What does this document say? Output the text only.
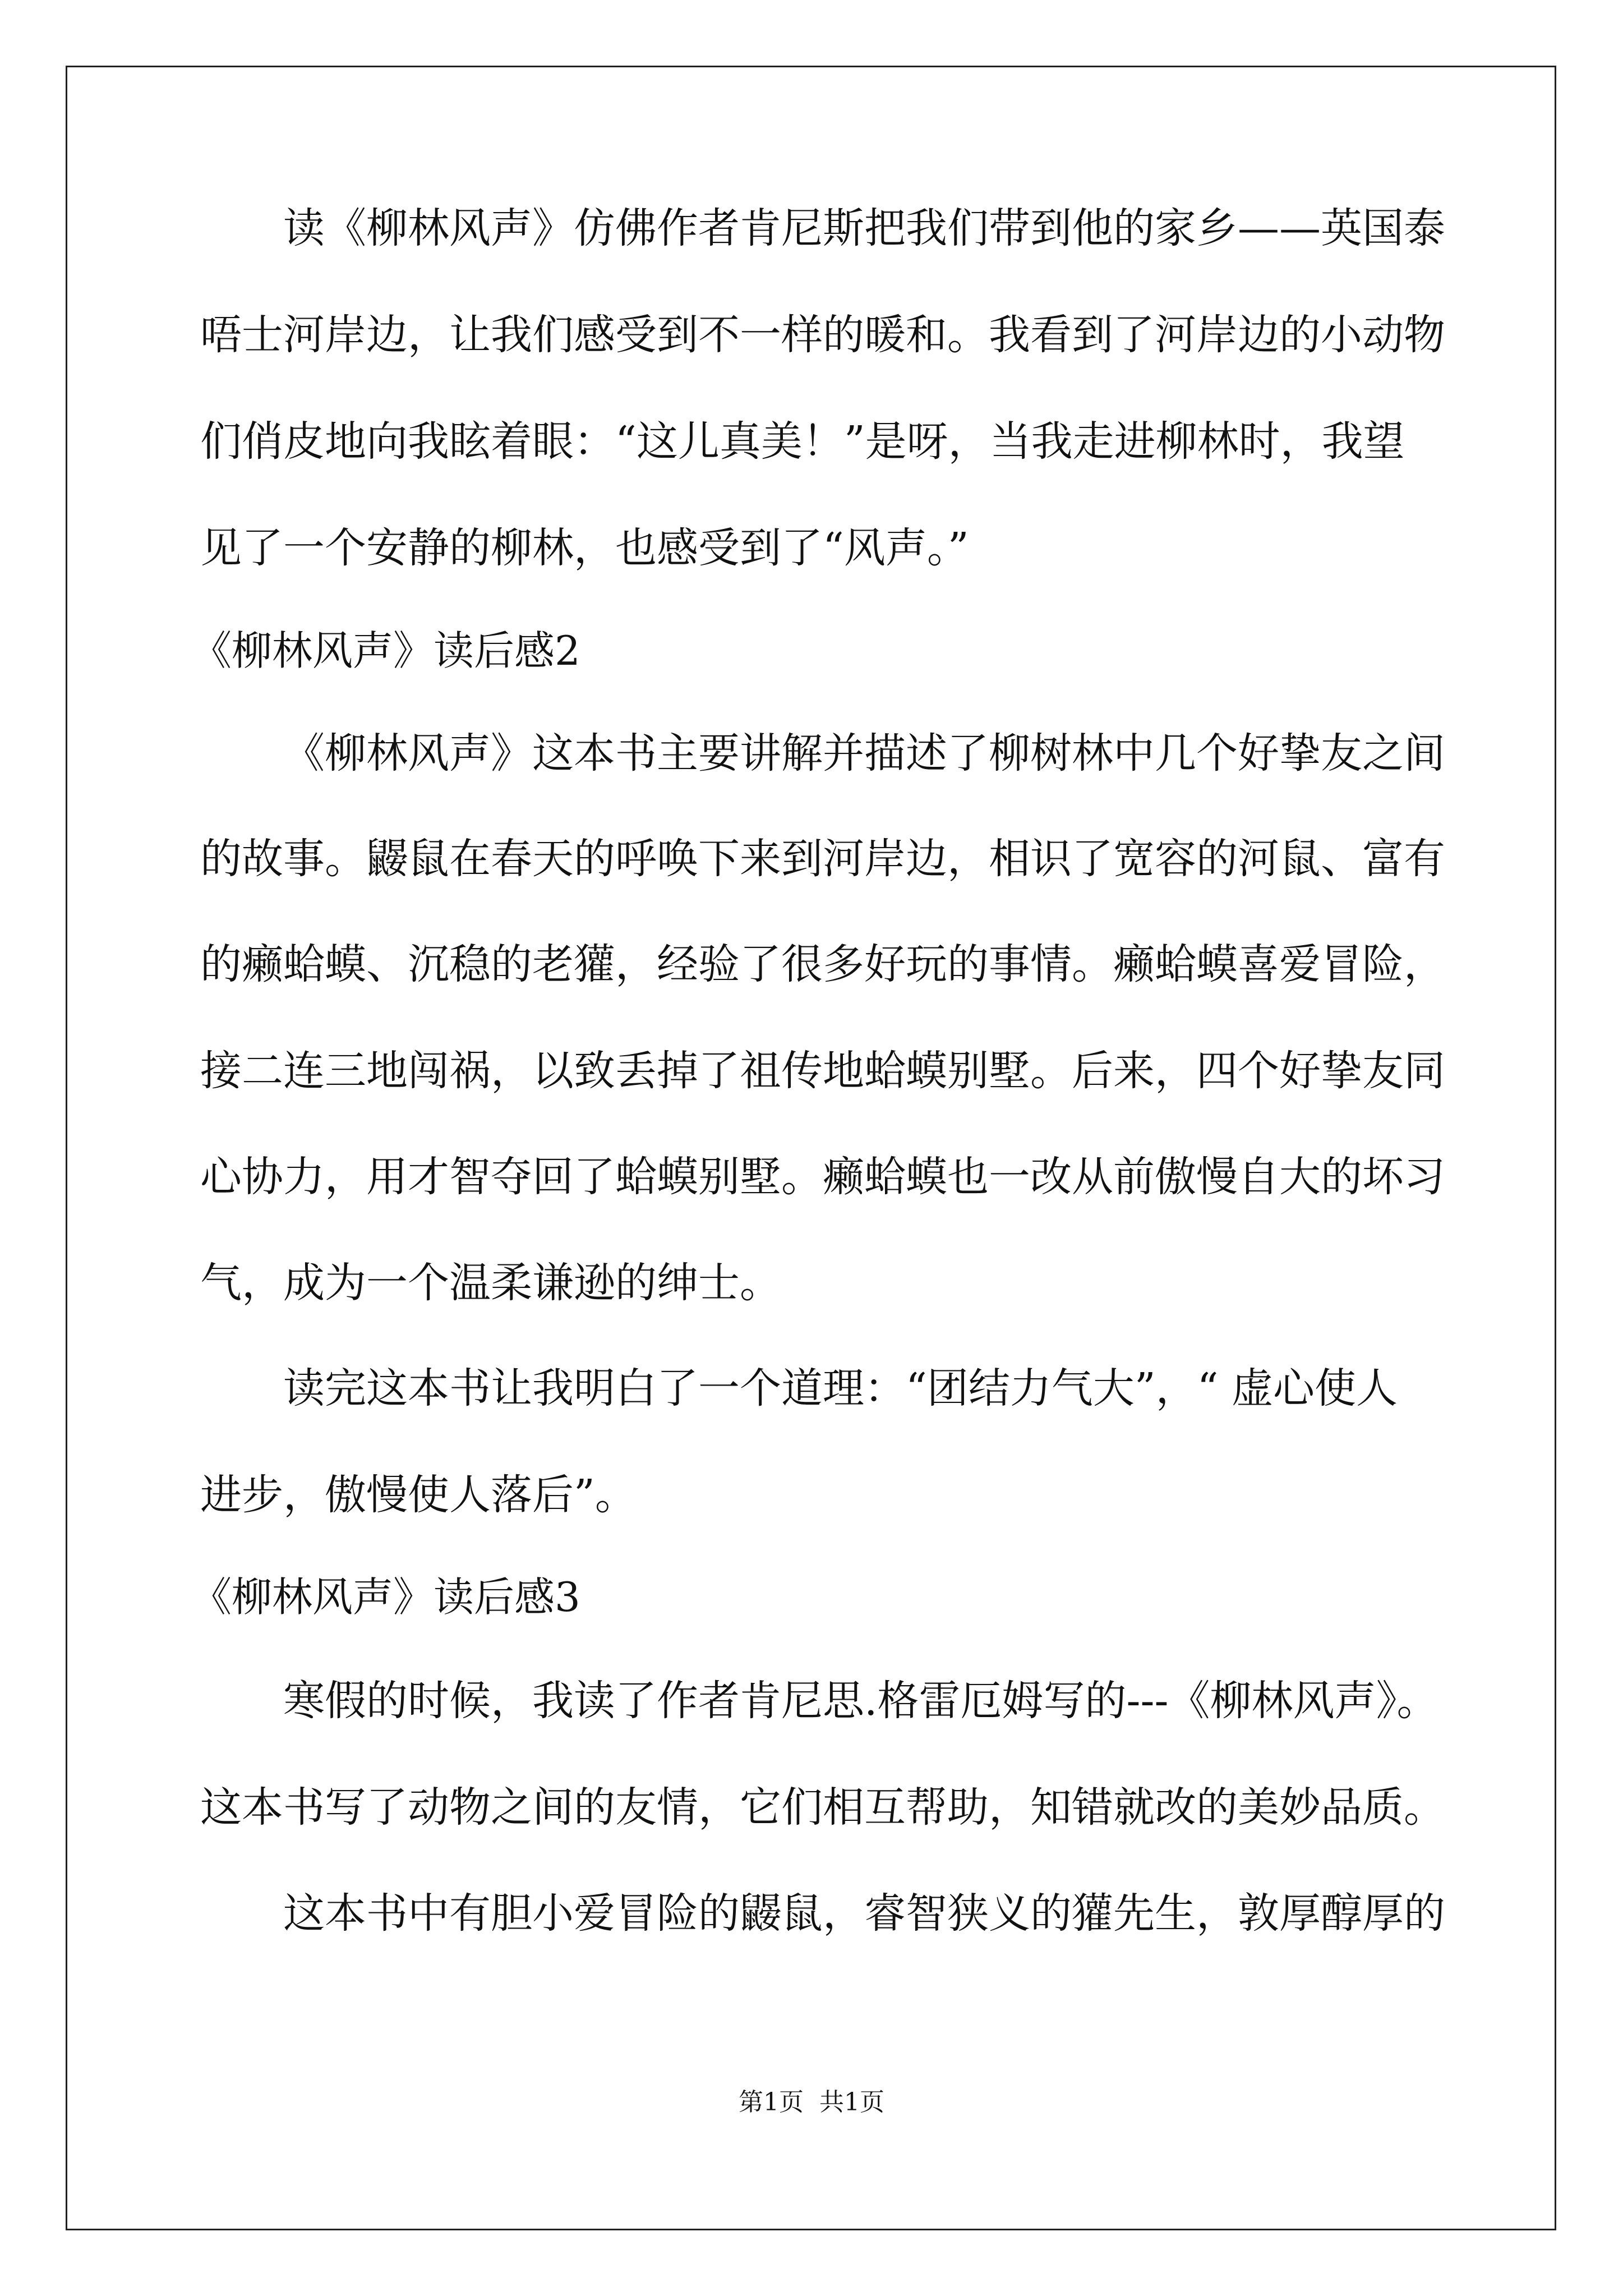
读《柳林风声》仿佛作者肯尼斯把我们带到他的家乡——英国泰
唔士河岸边，让我们感受到不一样的暖和。我看到了河岸边的小动物
们俏皮地向我眩着眼：“这儿真美！”是呀，当我走进柳林时，我望
见了一个安静的柳林，也感受到了“风声。”
《柳林风声》读后感2
《柳林风声》这本书主要讲解并描述了柳树林中几个好挚友之间
的故事。鼹鼠在春天的呼唤下来到河岸边，相识了宽容的河鼠、富有
的癞蛤蟆、沉稳的老獾，经验了很多好玩的事情。癞蛤蟆喜爱冒险，
接二连三地闯祸，以致丢掉了祖传地蛤蟆别墅。后来，四个好挚友同
心协力，用才智夺回了蛤蟆别墅。癞蛤蟆也一改从前傲慢自大的坏习
气，成为一个温柔谦逊的绅士。
读完这本书让我明白了一个道理：“团结力气大”，“ 虚心使人
进步，傲慢使人落后”。
《柳林风声》读后感3
寒假的时候，我读了作者肯尼思.格雷厄姆写的---《柳林风声》。
这本书写了动物之间的友情，它们相互帮助，知错就改的美妙品质。
这本书中有胆小爱冒险的鼹鼠，睿智狭义的獾先生，敦厚醇厚的
第1页 共1页
